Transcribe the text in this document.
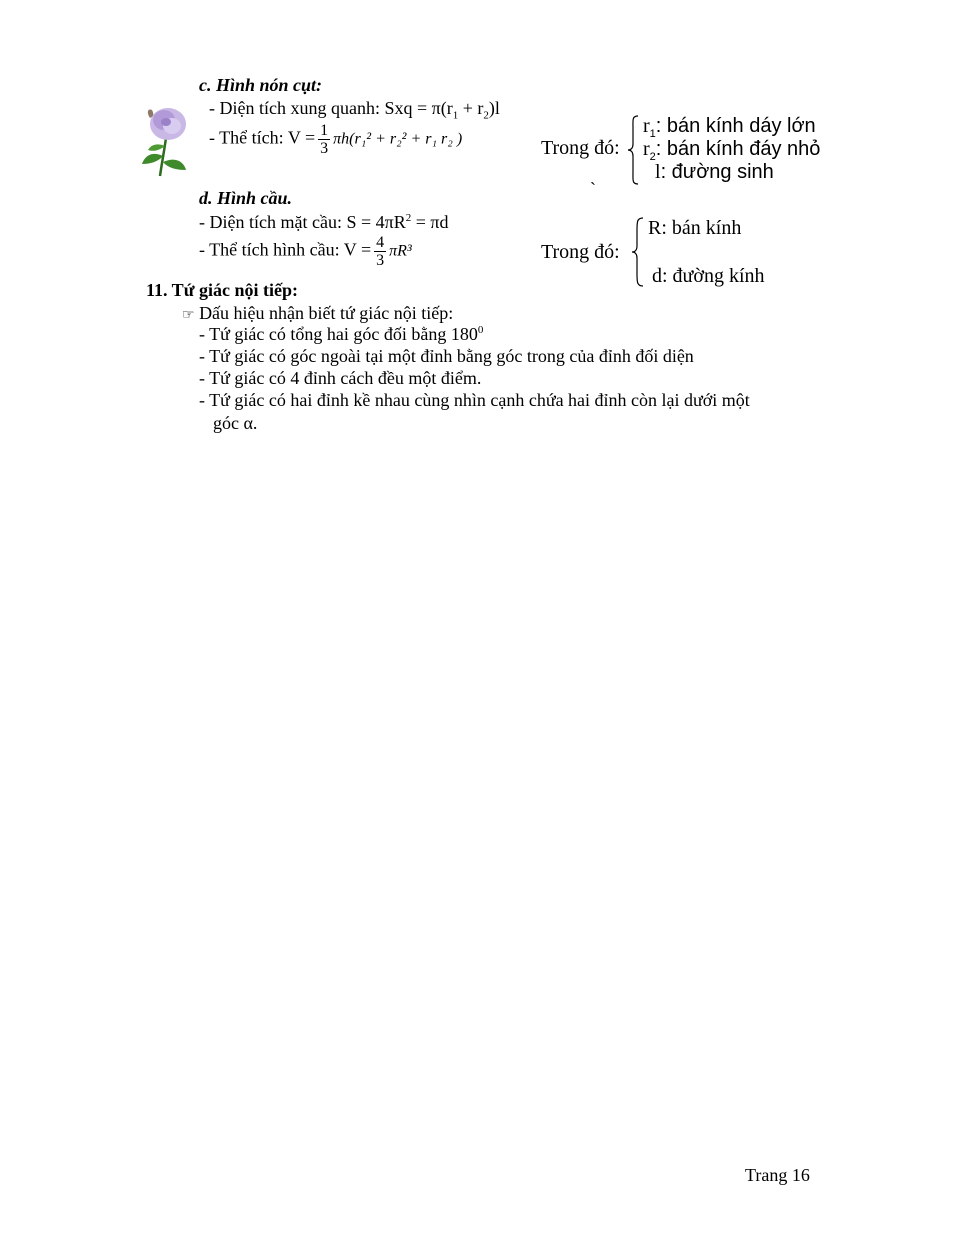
c. Hình nón cụt:
- Diện tích xung quanh: Sxq = $\pi(r_1 + r_2)l$
- Thể tích: $V = \frac{1}{3} \pi h(r_1^2 + r_2^2 + r_1$ r₂ )	Trong đó:
$r_1$: bán kính dáy lớn
$r_2$: bán kính đáy nhỏ
l: đường sinh
`
d. Hình cầu.
- Diện tích mặt cầu: $S = 4\pi R^2 = \pi d$
- Thể tích hình cầu: $V = \frac{4}{3} \pi R^3$	Trong đó:
R: bán kính
d: đường kính
11. Tứ giác nội tiếp:
☞ Dấu hiệu nhận biết tứ giác nội tiếp:
- Tứ giác có tổng hai góc đối bằng $180^0$
- Tứ giác có góc ngoài tại một đỉnh bằng góc trong của đỉnh đối diện
- Tứ giác có 4 đỉnh cách đều một điểm.
- Tứ giác có hai đỉnh kề nhau cùng nhìn cạnh chứa hai đỉnh còn lại dưới một
góc α.
Trang 16
